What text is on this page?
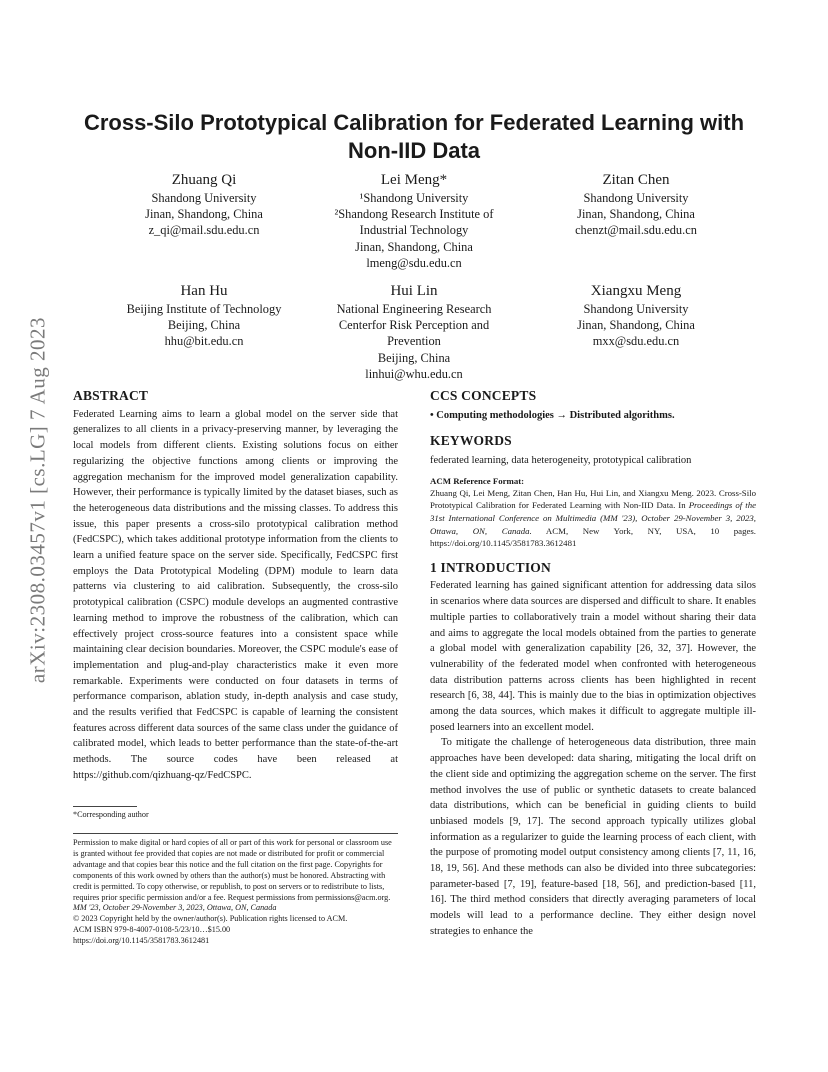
arXiv:2308.03457v1 [cs.LG] 7 Aug 2023
Cross-Silo Prototypical Calibration for Federated Learning with
Non-IID Data
Zhuang Qi

Shandong University
Jinan, Shandong, China
z_qi@mail.sdu.edu.cn
Lei Meng*

¹Shandong University
²Shandong Research Institute of
Industrial Technology
Jinan, Shandong, China
lmeng@sdu.edu.cn
Zitan Chen

Shandong University
Jinan, Shandong, China
chenzt@mail.sdu.edu.cn
Han Hu

Beijing Institute of Technology
Beijing, China
hhu@bit.edu.cn
Hui Lin

National Engineering Research
Centerfor Risk Perception and
Prevention
Beijing, China
linhui@whu.edu.cn
Xiangxu Meng

Shandong University
Jinan, Shandong, China
mxx@sdu.edu.cn
ABSTRACT

Federated Learning aims to learn a global model on the server side that generalizes to all clients in a privacy-preserving manner, by leveraging the local models from different clients. Existing solutions focus on either regularizing the objective functions among clients or improving the aggregation mechanism for the improved model generalization capability. However, their performance is typically limited by the dataset biases, such as the heterogeneous data distributions and the missing classes. To address this issue, this paper presents a cross-silo prototypical calibration method (FedCSPC), which takes additional prototype information from the clients to learn a unified feature space on the server side. Specifically, FedCSPC first employs the Data Prototypical Modeling (DPM) module to learn data patterns via clustering to aid calibration. Subsequently, the cross-silo prototypical calibration (CSPC) module develops an augmented contrastive learning method to improve the robustness of the calibration, which can effectively project cross-source features into a consistent space while maintaining clear decision boundaries. Moreover, the CSPC module's ease of implementation and plug-and-play characteristics make it even more remarkable. Experiments were conducted on four datasets in terms of performance comparison, ablation study, in-depth analysis and case study, and the results verified that FedCSPC is capable of learning the consistent features across different data sources of the same class under the guidance of calibrated model, which leads to better performance than the state-of-the-art methods. The source codes have been released at https://github.com/qizhuang-qz/FedCSPC.

*Corresponding author

Permission to make digital or hard copies of all or part of this work for personal or classroom use is granted without fee provided that copies are not made or distributed for profit or commercial advantage and that copies bear this notice and the full citation on the first page. Copyrights for components of this work owned by others than the author(s) must be honored. Abstracting with credit is permitted. To copy otherwise, or republish, to post on servers or to redistribute to lists, requires prior specific permission and/or a fee. Request permissions from permissions@acm.org.

MM '23, October 29-November 3, 2023, Ottawa, ON, Canada

© 2023 Copyright held by the owner/author(s). Publication rights licensed to ACM.

ACM ISBN 979-8-4007-0108-5/23/10…$15.00

https://doi.org/10.1145/3581783.3612481

CCS CONCEPTS

• Computing methodologies → Distributed algorithms.

KEYWORDS

federated learning, data heterogeneity, prototypical calibration

ACM Reference Format:

Zhuang Qi, Lei Meng, Zitan Chen, Han Hu, Hui Lin, and Xiangxu Meng. 2023. Cross-Silo Prototypical Calibration for Federated Learning with Non-IID Data. In Proceedings of the 31st International Conference on Multimedia (MM '23), October 29-November 3, 2023, Ottawa, ON, Canada. ACM, New York, NY, USA, 10 pages. https://doi.org/10.1145/3581783.3612481

1 INTRODUCTION

Federated learning has gained significant attention for addressing data silos in scenarios where data sources are dispersed and difficult to share. It enables multiple parties to collaboratively train a model without sharing their data and aims to aggregate the local models obtained from the parties to generate a global model with generalization capability [26, 32, 37]. However, the vulnerability of the federated model when confronted with heterogeneous data distribution patterns across clients has been highlighted in recent research [6, 38, 44]. This is mainly due to the bias in optimization objectives among the data sources, which makes it difficult to aggregate multiple ill-posed learners into an excellent model.

To mitigate the challenge of heterogeneous data distribution, three main approaches have been developed: data sharing, mitigating the local drift on the client side and optimizing the aggregation scheme on the server. The first method involves the use of public or synthetic datasets to create balanced data distributions, which can be beneficial in guiding clients to build unbiased models [9, 17]. The second approach typically utilizes global information as a regularizer to guide the learning process of each client, with the purpose of promoting model output consistency among clients [7, 11, 16, 18, 19, 56]. And these methods can also be divided into three subcategories: parameter-based [7, 19], feature-based [18, 56], and prediction-based [11, 16]. The third method considers that directly averaging parameters of local models will lead to a performance decline. They either design novel strategies to enhance the
